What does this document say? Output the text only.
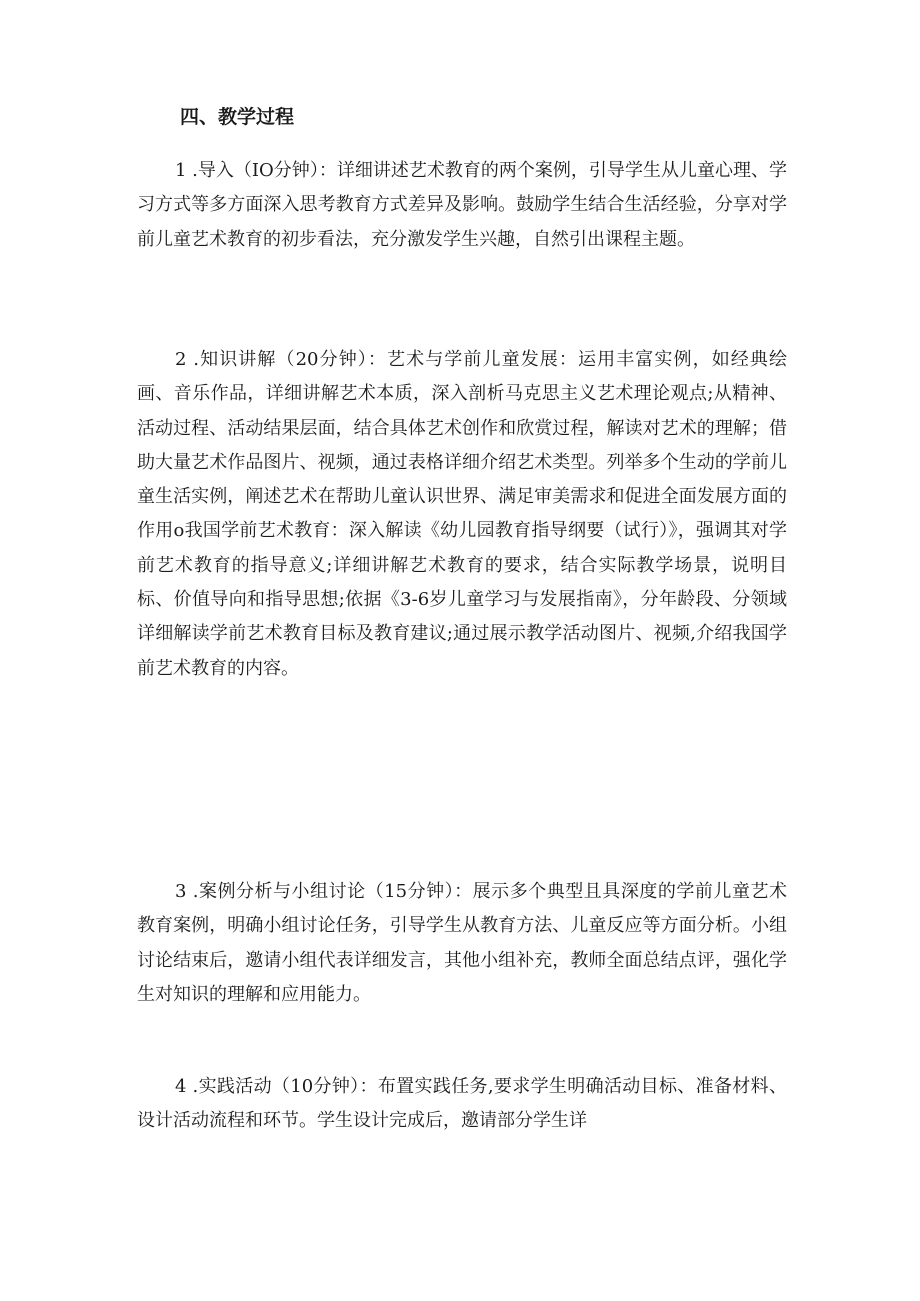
四、教学过程

1 .导入（IO分钟）：详细讲述艺术教育的两个案例，引导学生从儿童心理、学习方式等多方面深入思考教育方式差异及影响。鼓励学生结合生活经验，分享对学前儿童艺术教育的初步看法，充分激发学生兴趣，自然引出课程主题。

2 .知识讲解（20分钟）：艺术与学前儿童发展：运用丰富实例，如经典绘画、音乐作品，详细讲解艺术本质，深入剖析马克思主义艺术理论观点;从精神、活动过程、活动结果层面，结合具体艺术创作和欣赏过程，解读对艺术的理解；借助大量艺术作品图片、视频，通过表格详细介绍艺术类型。列举多个生动的学前儿童生活实例，阐述艺术在帮助儿童认识世界、满足审美需求和促进全面发展方面的作用o我国学前艺术教育：深入解读《幼儿园教育指导纲要（试行）》，强调其对学前艺术教育的指导意义;详细讲解艺术教育的要求，结合实际教学场景，说明目标、价值导向和指导思想;依据《3-6岁儿童学习与发展指南》，分年龄段、分领域详细解读学前艺术教育目标及教育建议;通过展示教学活动图片、视频,介绍我国学前艺术教育的内容。

3 .案例分析与小组讨论（15分钟）：展示多个典型且具深度的学前儿童艺术教育案例，明确小组讨论任务，引导学生从教育方法、儿童反应等方面分析。小组讨论结束后，邀请小组代表详细发言，其他小组补充，教师全面总结点评，强化学生对知识的理解和应用能力。

4 .实践活动（10分钟）：布置实践任务,要求学生明确活动目标、准备材料、设计活动流程和环节。学生设计完成后，邀请部分学生详
